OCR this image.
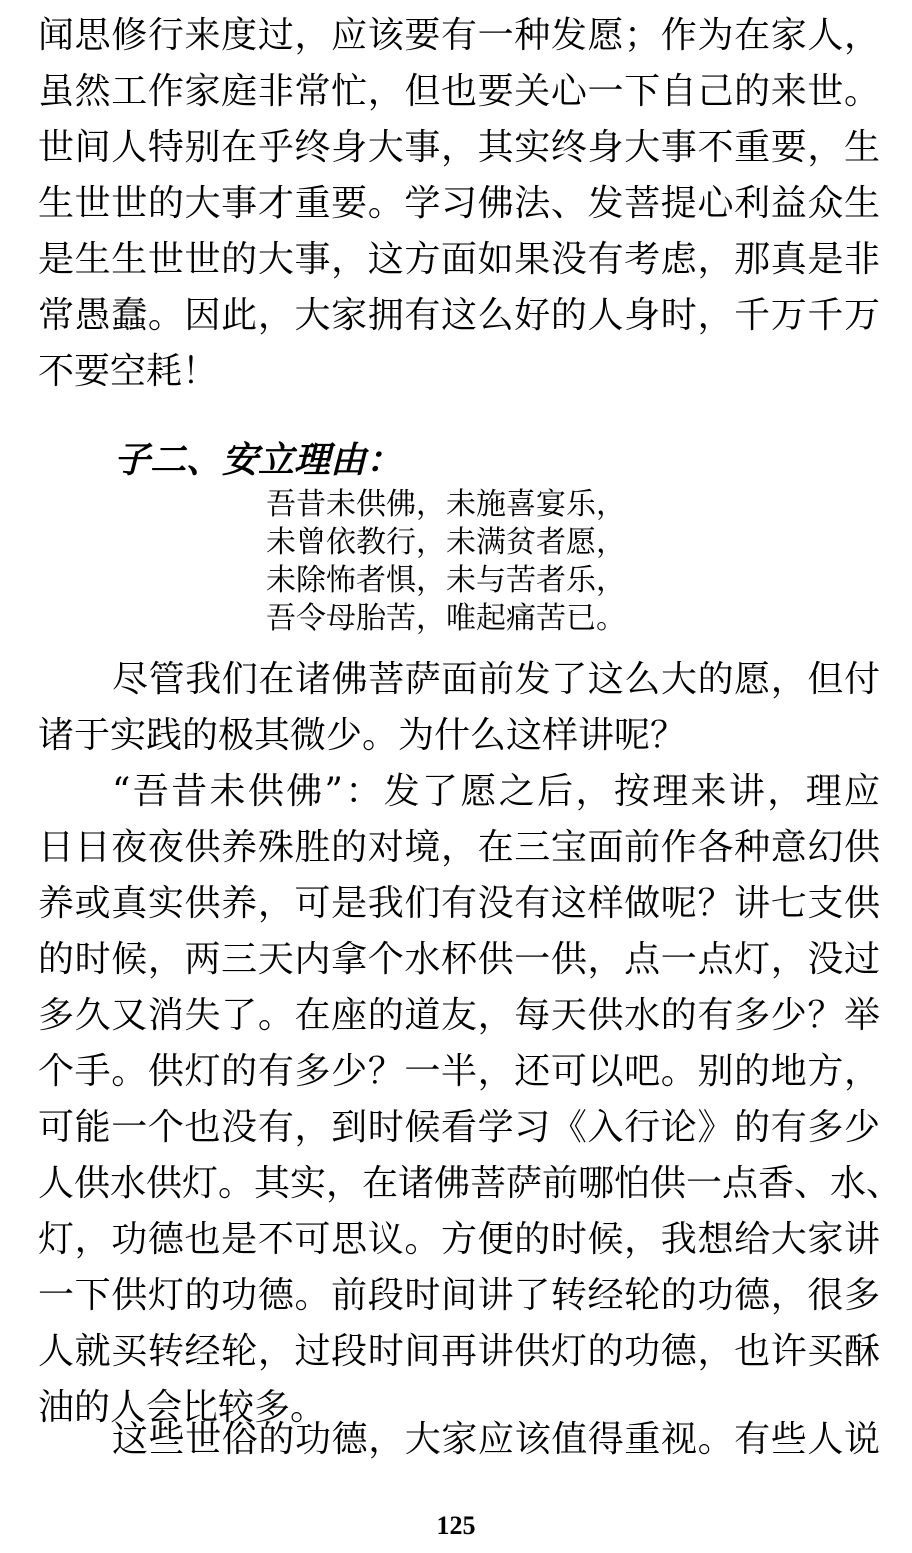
闻思修行来度过，应该要有一种发愿；作为在家人，
虽然工作家庭非常忙，但也要关心一下自己的来世。
世间人特别在乎终身大事，其实终身大事不重要，生
生世世的大事才重要。学习佛法、发菩提心利益众生
是生生世世的大事，这方面如果没有考虑，那真是非
常愚蠢。因此，大家拥有这么好的人身时，千万千万
不要空耗！
子二、安立理由：
吾昔未供佛，未施喜宴乐，
未曾依教行，未满贫者愿，
未除怖者惧，未与苦者乐，
吾令母胎苦，唯起痛苦已。
尽管我们在诸佛菩萨面前发了这么大的愿，但付
诸于实践的极其微少。为什么这样讲呢？
“吾昔未供佛”：发了愿之后，按理来讲，理应
日日夜夜供养殊胜的对境，在三宝面前作各种意幻供
养或真实供养，可是我们有没有这样做呢？讲七支供
的时候，两三天内拿个水杯供一供，点一点灯，没过
多久又消失了。在座的道友，每天供水的有多少？举
个手。供灯的有多少？一半，还可以吧。别的地方，
可能一个也没有，到时候看学习《入行论》的有多少
人供水供灯。其实，在诸佛菩萨前哪怕供一点香、水、
灯，功德也是不可思议。方便的时候，我想给大家讲
一下供灯的功德。前段时间讲了转经轮的功德，很多
人就买转经轮，过段时间再讲供灯的功德，也许买酥
油的人会比较多。
这些世俗的功德，大家应该值得重视。有些人说
125
